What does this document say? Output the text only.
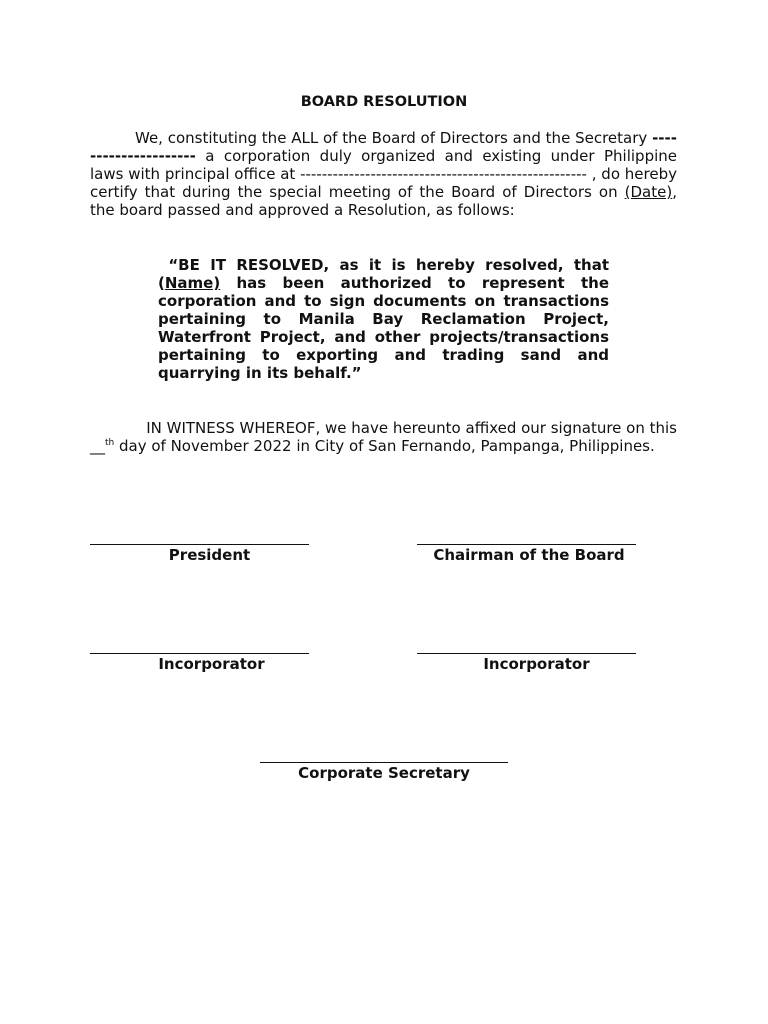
BOARD RESOLUTION
We, constituting the ALL of the Board of Directors and the Secretary --------------------- a corporation duly organized and existing under Philippine laws with principal office at ----------------------------------------------------- , do hereby certify that during the special meeting of the Board of Directors on (Date), the board passed and approved a Resolution, as follows:
“BE IT RESOLVED, as it is hereby resolved, that (Name) has been authorized to represent the corporation and to sign documents on transactions pertaining to Manila Bay Reclamation Project, Waterfront Project, and other projects/transactions pertaining to exporting and trading sand and quarrying in its behalf.”
IN WITNESS WHEREOF, we have hereunto affixed our signature on this
__$^{th}$ day of November 2022 in City of San Fernando, Pampanga, Philippines.
President	Chairman of the Board
Incorporator	Incorporator
Corporate Secretary
